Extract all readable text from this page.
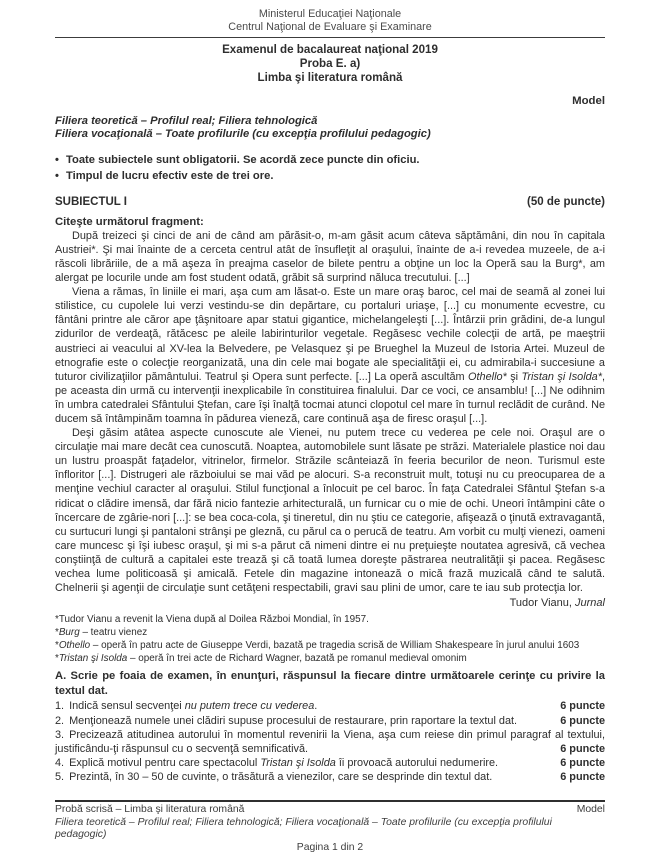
Ministerul Educaţiei Naţionale
Centrul Naţional de Evaluare şi Examinare
Examenul de bacalaureat naţional 2019
Proba E. a)
Limba şi literatura română
Model
Filiera teoretică – Profilul real; Filiera tehnologică
Filiera vocaţională – Toate profilurile (cu excepţia profilului pedagogic)
• Toate subiectele sunt obligatorii. Se acordă zece puncte din oficiu.
• Timpul de lucru efectiv este de trei ore.
SUBIECTUL I	(50 de puncte)
Citeşte următorul fragment:

După treizeci şi cinci de ani de când am părăsit-o, m-am găsit acum câteva săptămâni, din nou în capitala Austriei*. Şi mai înainte de a cerceta centrul atât de însufleţit al oraşului, înainte de a-i revedea muzeele, de a-i răscoli librăriile, de a mă aşeza în preajma caselor de bilete pentru a obţine un loc la Operă sau la Burg*, am alergat pe locurile unde am fost student odată, grăbit să surprind năluca trecutului. [...]

Viena a rămas, în liniile ei mari, aşa cum am lăsat-o. Este un mare oraş baroc, cel mai de seamă al zonei lui stilistice, cu cupolele lui verzi vestindu-se din depărtare, cu portaluri uriaşe, [...] cu monumente ecvestre, cu fântâni printre ale căror ape ţâşnitoare apar statui gigantice, michelangeleşti [...]. Întârzii prin grădini, de-a lungul zidurilor de verdeaţă, rătăcesc pe aleile labirinturilor vegetale. Regăsesc vechile colecţii de artă, pe maeştrii austrieci ai veacului al XV-lea la Belvedere, pe Velasquez şi pe Brueghel la Muzeul de Istoria Artei. Muzeul de etnografie este o colecţie reorganizată, una din cele mai bogate ale specialităţii ei, cu admirabila-i succesiune a tuturor civilizaţiilor pământului. Teatrul şi Opera sunt perfecte. [...] La operă ascultăm Othello* şi Tristan şi Isolda*, pe aceasta din urmă cu intervenţii inexplicabile în constituirea finalului. Dar ce voci, ce ansamblu! [...] Ne odihnim în umbra catedralei Sfântului Ştefan, care îşi înalţă tocmai atunci clopotul cel mare în turnul reclădit de curând. Ne ducem să întâmpinăm toamna în pădurea vieneză, care continuă aşa de firesc oraşul [...].

Deşi găsim atâtea aspecte cunoscute ale Vienei, nu putem trece cu vederea pe cele noi. Oraşul are o circulaţie mai mare decât cea cunoscută. Noaptea, automobilele sunt lăsate pe străzi. Materialele plastice noi dau un lustru proaspăt faţadelor, vitrinelor, firmelor. Străzile scânteiază în feeria becurilor de neon. Turismul este înfloritor [...]. Distrugeri ale războiului se mai văd pe alocuri. S-a reconstruit mult, totuşi nu cu preocuparea de a menţine vechiul caracter al oraşului. Stilul funcţional a înlocuit pe cel baroc. În faţa Catedralei Sfântul Ştefan s-a ridicat o clădire imensă, dar fără nicio fantezie arhitecturală, un furnicar cu o mie de ochi. Uneori întâmpini câte o încercare de zgârie-nori [...]: se bea coca-cola, şi tineretul, din nu ştiu ce categorie, afişează o ţinută extravagantă, cu surtucuri lungi şi pantaloni strânşi pe gleznă, cu părul ca o perucă de teatru. Am vorbit cu mulţi vienezi, oameni care muncesc şi îşi iubesc oraşul, şi mi s-a părut că nimeni dintre ei nu preţuieşte noutatea agresivă, că vechea conştiinţă de cultură a capitalei este trează şi că toată lumea doreşte păstrarea neutralităţii şi pacea. Regăsesc vechea lume politicoasă şi amicală. Fetele din magazine intonează o mică frază muzicală când te salută. Chelnerii şi agenţii de circulaţie sunt cetăţeni respectabili, gravi sau plini de umor, care te iau sub protecţia lor.

Tudor Vianu, Jurnal
*Tudor Vianu a revenit la Viena după al Doilea Război Mondial, în 1957.
*Burg – teatru vienez
*Othello – operă în patru acte de Giuseppe Verdi, bazată pe tragedia scrisă de William Shakespeare în jurul anului 1603
*Tristan şi Isolda – operă în trei acte de Richard Wagner, bazată pe romanul medieval omonim
A. Scrie pe foaia de examen, în enunţuri, răspunsul la fiecare dintre următoarele cerinţe cu privire la textul dat.
1. Indică sensul secvenţei nu putem trece cu vederea.	6 puncte
2. Menţionează numele unei clădiri supuse procesului de restaurare, prin raportare la textul dat.	6 puncte
3. Precizează atitudinea autorului în momentul revenirii la Viena, aşa cum reiese din primul paragraf al textului, justificându-ţi răspunsul cu o secvenţă semnificativă.	6 puncte
4. Explică motivul pentru care spectacolul Tristan şi Isolda îi provoacă autorului nedumerire.	6 puncte
5. Prezintă, în 30 – 50 de cuvinte, o trăsătură a vienezilor, care se desprinde din textul dat.	6 puncte
Probă scrisă – Limba şi literatura română	Model
Filiera teoretică – Profilul real; Filiera tehnologică; Filiera vocaţională – Toate profilurile (cu excepţia profilului pedagogic)
Pagina 1 din 2
